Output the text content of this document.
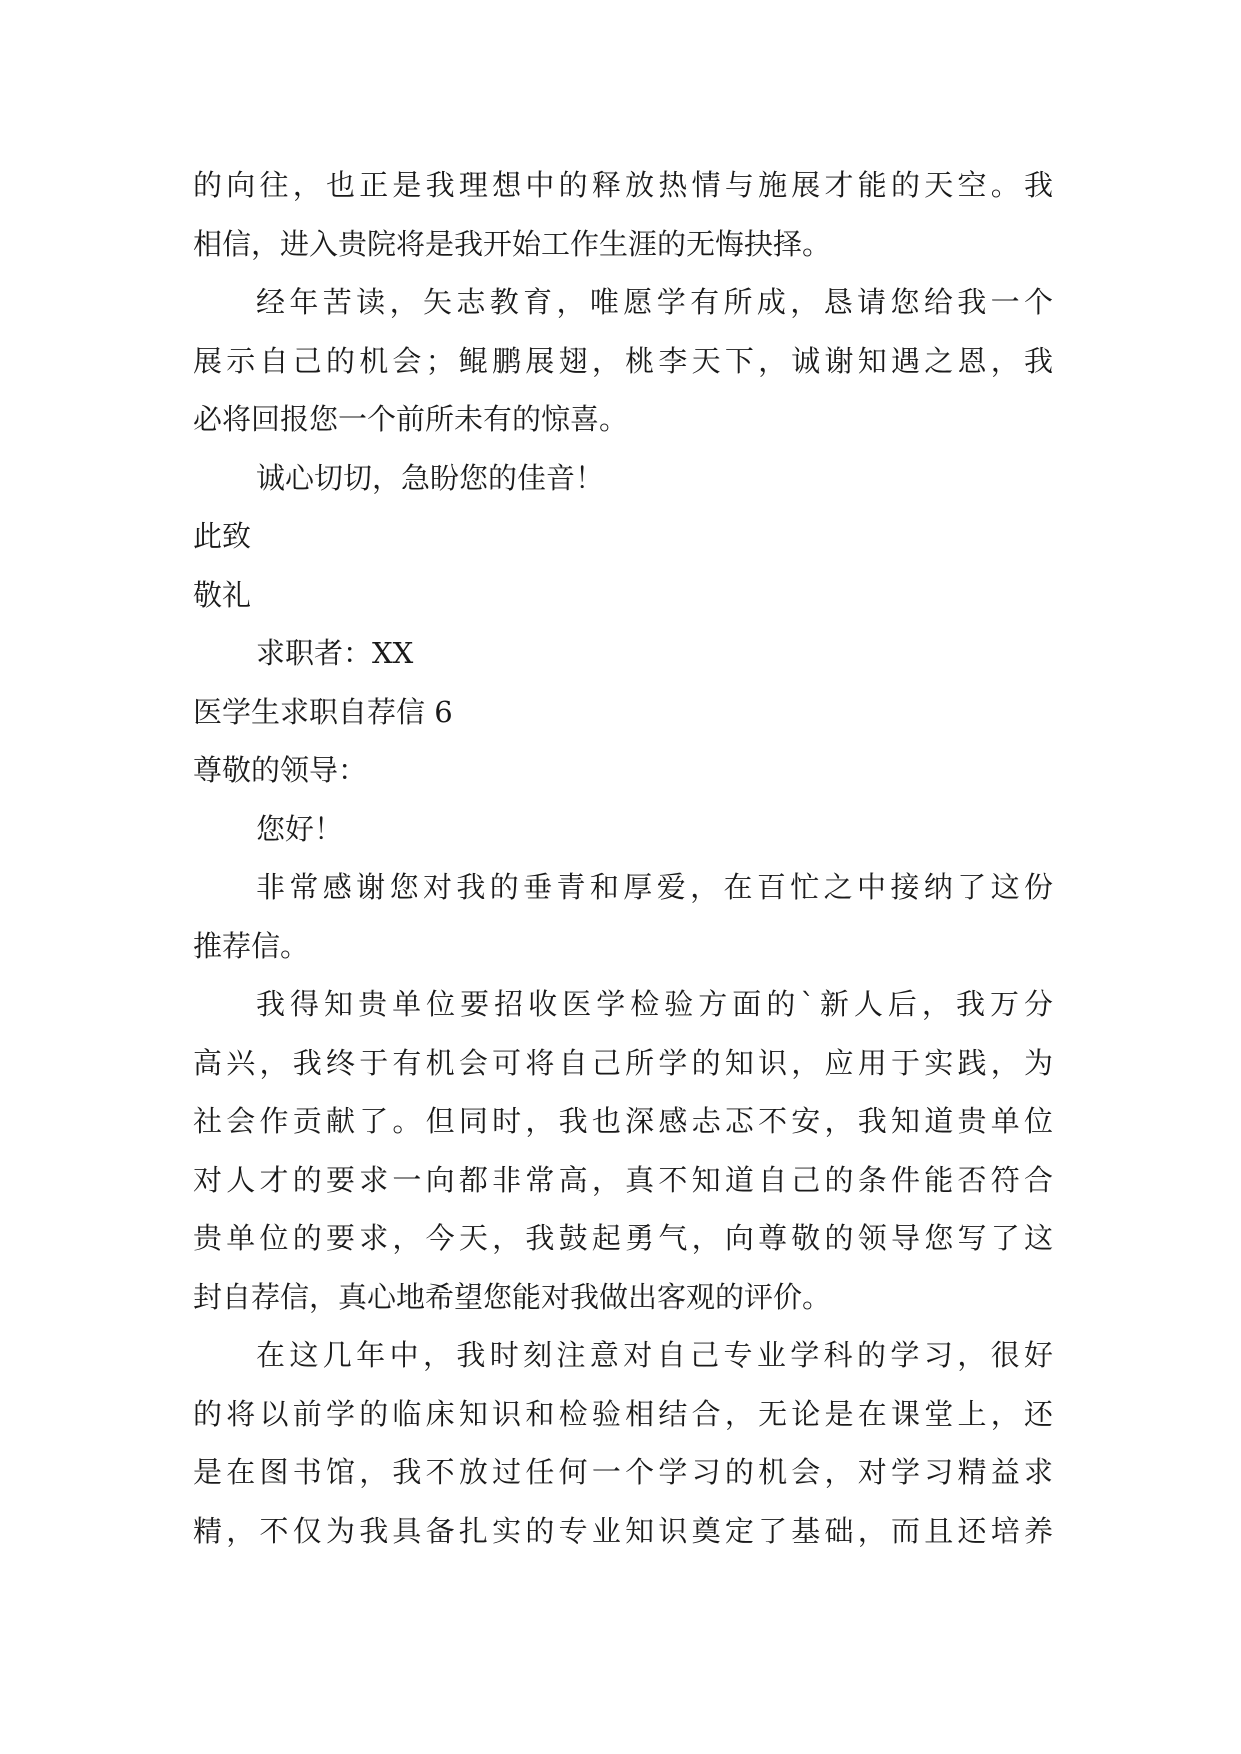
的向往，也正是我理想中的释放热情与施展才能的天空。我
相信，进入贵院将是我开始工作生涯的无悔抉择。
经年苦读，矢志教育，唯愿学有所成，恳请您给我一个
展示自己的机会；鲲鹏展翅，桃李天下，诚谢知遇之恩，我
必将回报您一个前所未有的惊喜。
诚心切切，急盼您的佳音！
此致
敬礼
求职者：XX
医学生求职自荐信 6
尊敬的领导：
您好！
非常感谢您对我的垂青和厚爱，在百忙之中接纳了这份
推荐信。
我得知贵单位要招收医学检验方面的`新人后，我万分
高兴，我终于有机会可将自己所学的知识，应用于实践，为
社会作贡献了。但同时，我也深感忐忑不安，我知道贵单位
对人才的要求一向都非常高，真不知道自己的条件能否符合
贵单位的要求，今天，我鼓起勇气，向尊敬的领导您写了这
封自荐信，真心地希望您能对我做出客观的评价。
在这几年中，我时刻注意对自己专业学科的学习，很好
的将以前学的临床知识和检验相结合，无论是在课堂上，还
是在图书馆，我不放过任何一个学习的机会，对学习精益求
精，不仅为我具备扎实的专业知识奠定了基础，而且还培养
